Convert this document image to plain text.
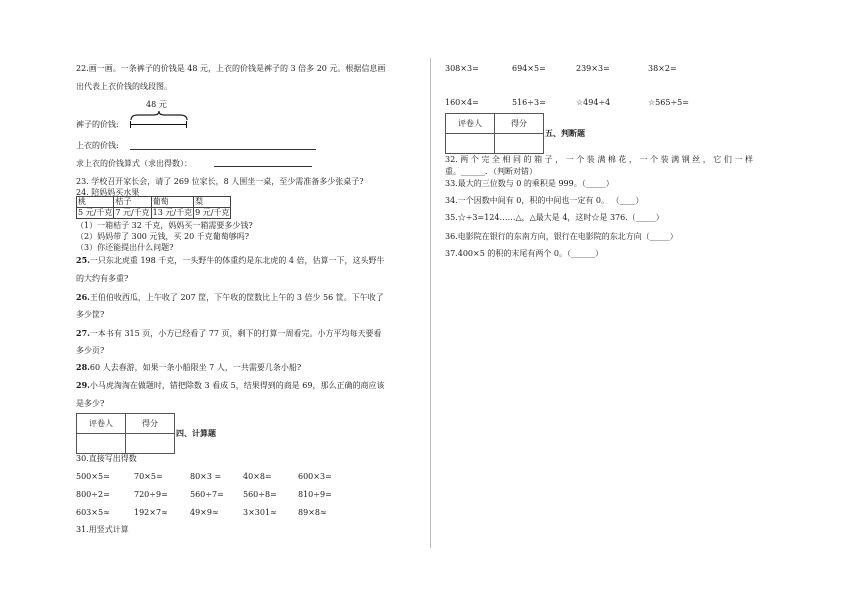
22.画一画。一条裤子的价钱是 48 元，上衣的价钱是裤子的 3 倍多 20 元。根据信息画
出代表上衣价钱的线段图。
48 元
裤子的价钱:
上衣的价钱:
求上衣的价钱算式（求出得数）：
23. 学校召开家长会，请了 269 位家长，8 人围坐一桌，至少需准备多少张桌子?
24. 陪妈妈买水果
桃	桔子	葡萄	梨
5 元/千克	7 元/千克	13 元/千克	9 元/千克
（1）一箱桔子 32 千克，妈妈买一箱需要多少钱?
（2）妈妈带了 300 元钱，买 20 千克葡萄够吗?
（3）你还能提出什么问题?
25.一只东北虎重 198 千克，一头野牛的体重约是东北虎的 4 倍，估算一下，这头野牛
的大约有多重?
26.王伯伯收西瓜，上午收了 207 筐，下午收的筐数比上午的 3 倍少 56 筐。下午收了
多少筐?
27.一本书有 315 页，小方已经看了 77 页，剩下的打算一周看完。小方平均每天要看
多少页?
28.60 人去春游，如果一条小船限坐 7 人，一共需要几条小船?
29.小马虎淘淘在做题时，错把除数 3 看成 5，结果得到的商是 69，那么正确的商应该
是多少?
评卷人	得分

四、计算题
30.直接写出得数
500×5=	70×5=	80×3 =	40×8=	600×3=
800÷2=	720÷9=	560÷7= 560÷8=	810÷9=
603×5≈	192×7≈	49×9≈	3×301≈	89×8≈
31.用竖式计算
308×3=	694×5=	239×3=	38×2=
160×4=	516÷3=	☆494÷4	☆565÷5=
评卷人	得分

五、判断题
32. 两 个 完 全 相 同 的 箱 子 ， 一 个 装 满 棉 花 ， 一 个 装 满 钢 丝 ， 它 们 一 样
重。______．（判断对错）
33.最大的三位数与 0 的乘积是 999。（_____）
34.一个因数中间有 0，积的中间也一定有 0。 （____）
35.☆÷3=124……△，△最大是 4，这时☆是 376.（_____）
36.电影院在银行的东南方向，银行在电影院的东北方向（_____）
37.400×5 的积的末尾有两个 0。（______）
